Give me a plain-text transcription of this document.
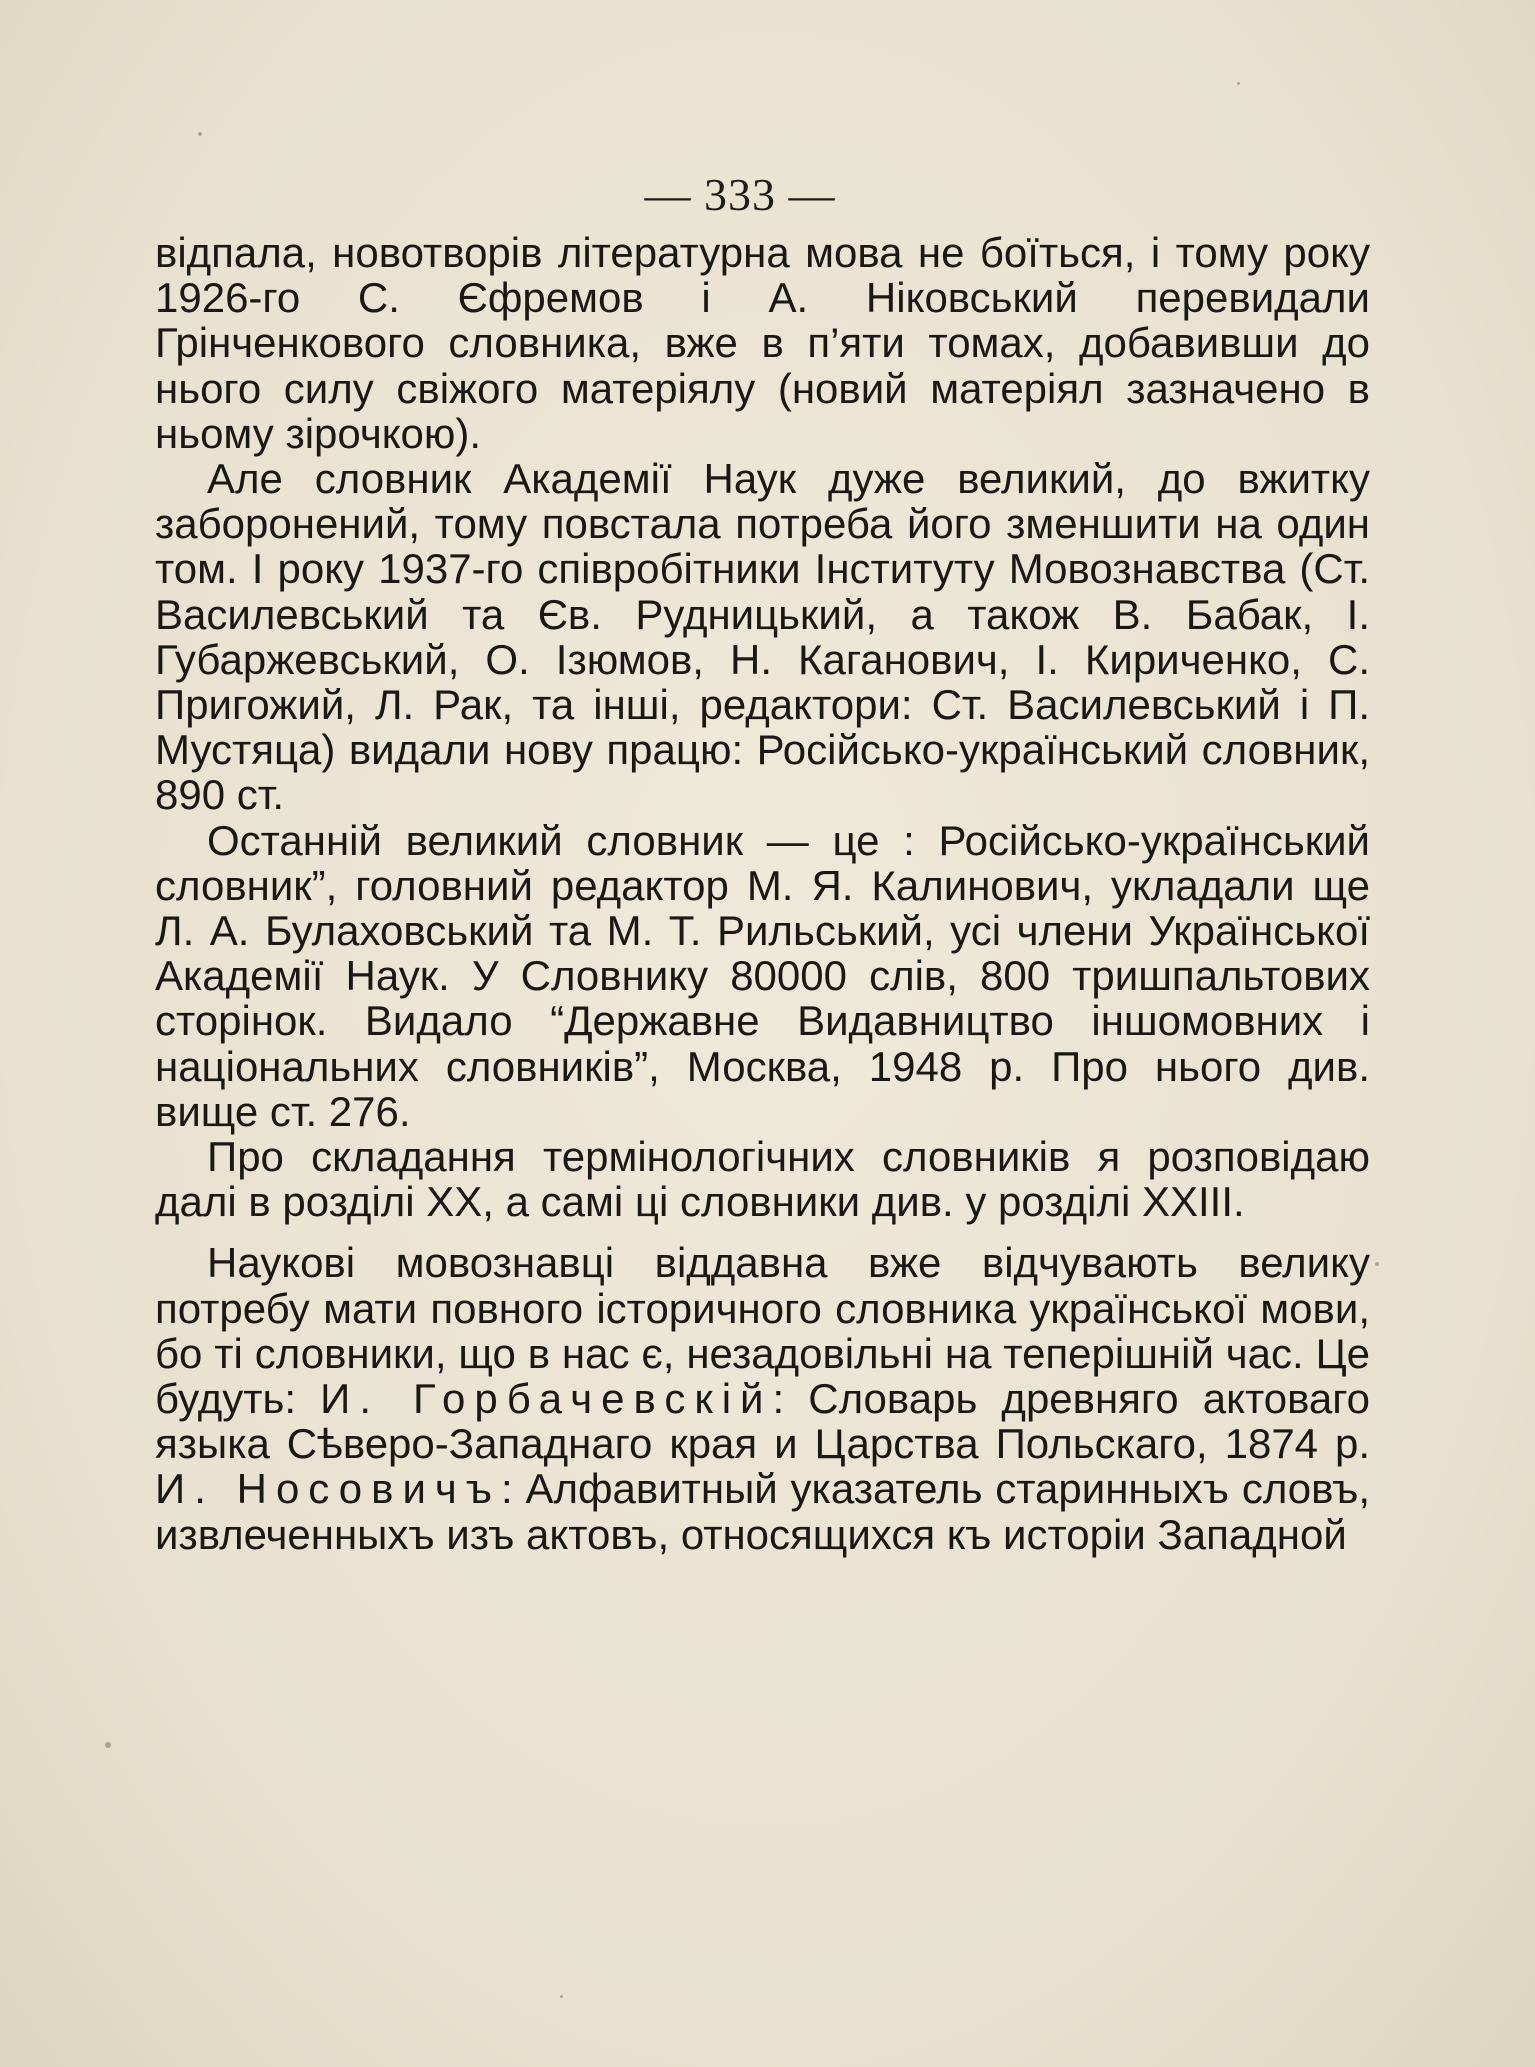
— 333 —

відпала, новотворів літературна мова не боїться, і тому року 1926-го С. Єфремов і А. Ніковський перевидали Грінченкового словника, вже в п’яти томах, добавивши до нього силу свіжого матеріялу (новий матеріял зазначено в ньому зірочкою).

Але словник Академії Наук дуже великий, до вжитку заборонений, тому повстала потреба його зменшити на один том. І року 1937-го співробітники Інституту Мовознавства (Ст. Василевський та Єв. Рудницький, а також В. Бабак, І. Губаржевський, О. Ізюмов, Н. Каганович, І. Кириченко, С. Пригожий, Л. Рак, та інші, редактори: Ст. Василевський і П. Мустяца) видали нову працю: Російсько-український словник, 890 ст.

Останній великий словник — це : Російсько-український словник”, головний редактор М. Я. Калинович, укладали ще Л. А. Булаховський та М. Т. Рильський, усі члени Української Академії Наук. У Словнику 80000 слів, 800 тришпальтових сторінок. Видало “Державне Видавництво іншомовних і національних словників”, Москва, 1948 р. Про нього див. вище ст. 276.

Про складання термінологічних словників я розповідаю далі в розділі XX, а самі ці словники див. у розділі XXIII.

Наукові мовознавці віддавна вже відчувають велику потребу мати повного історичного словника української мови, бо ті словники, що в нас є, незадовільні на теперішній час. Це будуть: И. Горбачевскій: Словарь древняго актоваго языка Сѣверо-Западнаго края и Царства Польскаго, 1874 р. И. Носовичъ: Алфавитный указатель старинныхъ словъ, извлеченныхъ изъ актовъ, относящихся къ исторіи Западной
